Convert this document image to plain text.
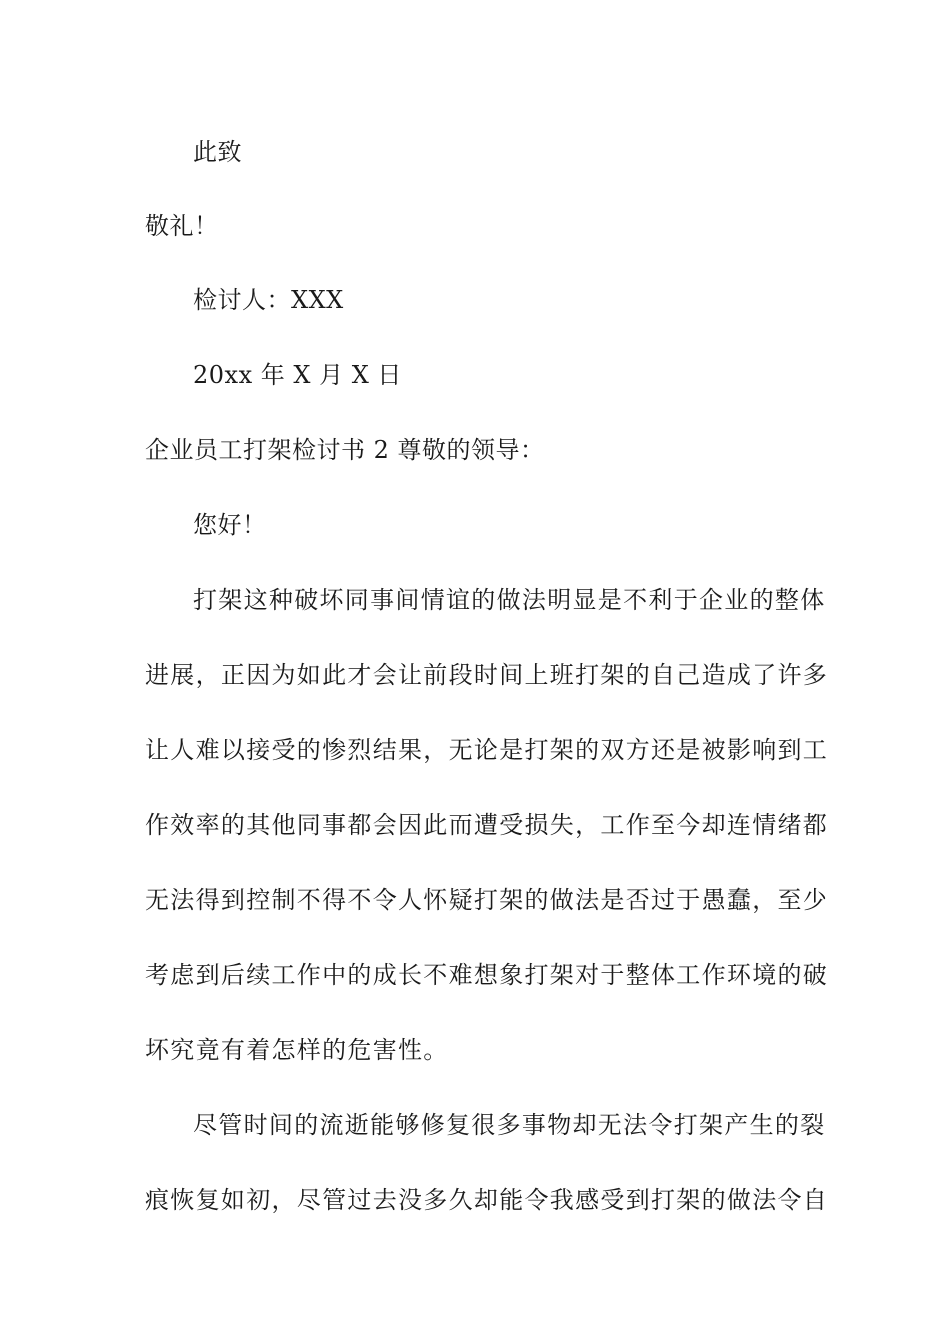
此致
敬礼！
检讨人：XXX
20xx 年 X 月 X 日
企业员工打架检讨书 2 尊敬的领导：
您好！
打架这种破坏同事间情谊的做法明显是不利于企业的整体
进展，正因为如此才会让前段时间上班打架的自己造成了许多
让人难以接受的惨烈结果，无论是打架的双方还是被影响到工
作效率的其他同事都会因此而遭受损失，工作至今却连情绪都
无法得到控制不得不令人怀疑打架的做法是否过于愚蠢，至少
考虑到后续工作中的成长不难想象打架对于整体工作环境的破
坏究竟有着怎样的危害性。
尽管时间的流逝能够修复很多事物却无法令打架产生的裂
痕恢复如初，尽管过去没多久却能令我感受到打架的做法令自
